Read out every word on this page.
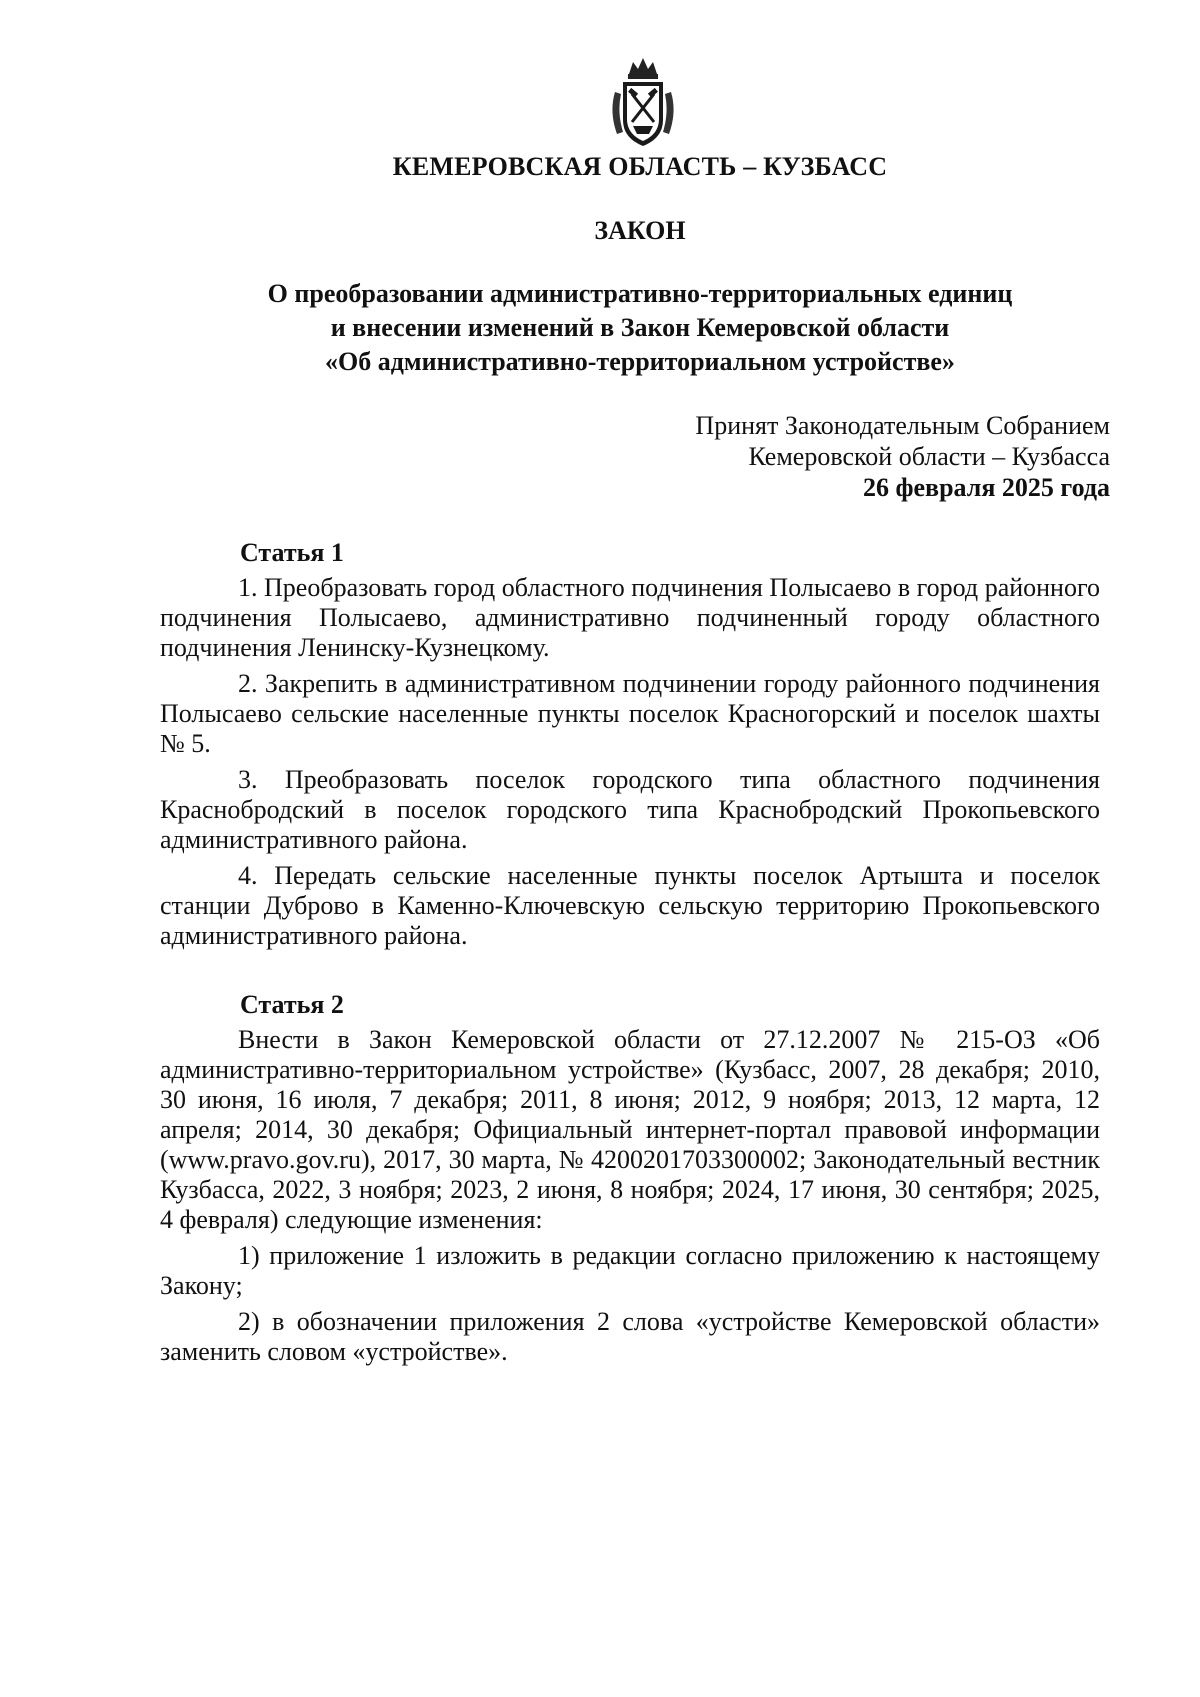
КЕМЕРОВСКАЯ ОБЛАСТЬ – КУЗБАСС
ЗАКОН
О преобразовании административно-территориальных единиц
и внесении изменений в Закон Кемеровской области
«Об административно-территориальном устройстве»
Принят Законодательным Собранием
Кемеровской области – Кузбасса
26 февраля 2025 года
Статья 1

1. Преобразовать город областного подчинения Полысаево в город районного подчинения Полысаево, административно подчиненный городу областного подчинения Ленинску-Кузнецкому.

2. Закрепить в административном подчинении городу районного подчинения Полысаево сельские населенные пункты поселок Красногорский и поселок шахты № 5.

3. Преобразовать поселок городского типа областного подчинения Краснобродский в поселок городского типа Краснобродский Прокопьевского административного района.

4. Передать сельские населенные пункты поселок Артышта и поселок станции Дуброво в Каменно-Ключевскую сельскую территорию Прокопьевского административного района.

Статья 2

Внести в Закон Кемеровской области от 27.12.2007 № 215-ОЗ «Об административно-территориальном устройстве» (Кузбасс, 2007, 28 декабря; 2010, 30 июня, 16 июля, 7 декабря; 2011, 8 июня; 2012, 9 ноября; 2013, 12 марта, 12 апреля; 2014, 30 декабря; Официальный интернет-портал правовой информации (www.pravo.gov.ru), 2017, 30 марта, № 4200201703300002; Законодательный вестник Кузбасса, 2022, 3 ноября; 2023, 2 июня, 8 ноября; 2024, 17 июня, 30 сентября; 2025, 4 февраля) следующие изменения:

1) приложение 1 изложить в редакции согласно приложению к настоящему Закону;

2) в обозначении приложения 2 слова «устройстве Кемеровской области» заменить словом «устройстве».
